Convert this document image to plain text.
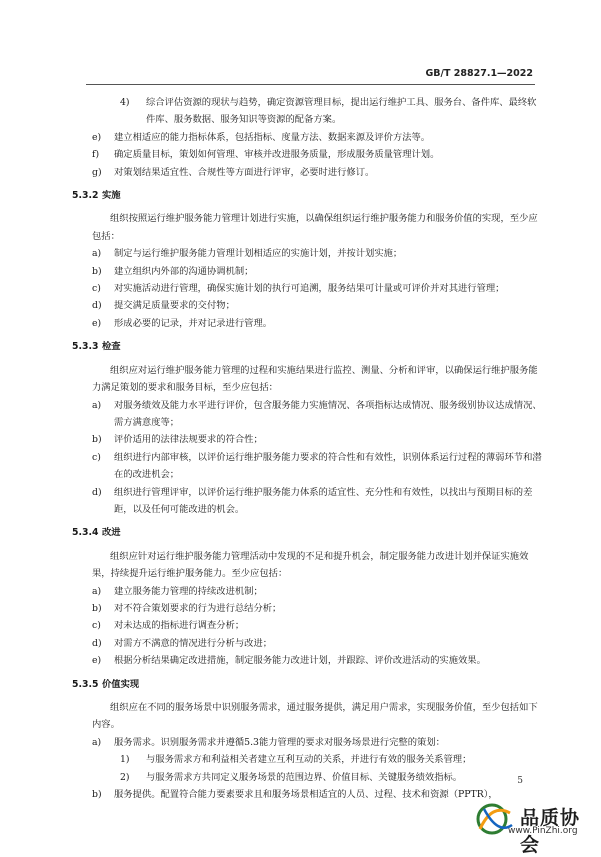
GB/T 28827.1—2022
4) 综合评估资源的现状与趋势，确定资源管理目标，提出运行维护工具、服务台、备件库、最终软件库、服务数据、服务知识等资源的配备方案。
e) 建立相适应的能力指标体系，包括指标、度量方法、数据来源及评价方法等。
f) 确定质量目标，策划如何管理、审核并改进服务质量，形成服务质量管理计划。
g) 对策划结果适宜性、合规性等方面进行评审，必要时进行修订。
5.3.2 实施
组织按照运行维护服务能力管理计划进行实施，以确保组织运行维护服务能力和服务价值的实现，至少应包括：
a) 制定与运行维护服务能力管理计划相适应的实施计划，并按计划实施；
b) 建立组织内外部的沟通协调机制；
c) 对实施活动进行管理，确保实施计划的执行可追溯，服务结果可计量或可评价并对其进行管理；
d) 提交满足质量要求的交付物；
e) 形成必要的记录，并对记录进行管理。
5.3.3 检查
组织应对运行维护服务能力管理的过程和实施结果进行监控、测量、分析和评审，以确保运行维护服务能力满足策划的要求和服务目标，至少应包括：
a) 对服务绩效及能力水平进行评价，包含服务能力实施情况、各项指标达成情况、服务级别协议达成情况、需方满意度等；
b) 评价适用的法律法规要求的符合性；
c) 组织进行内部审核，以评价运行维护服务能力要求的符合性和有效性，识别体系运行过程的薄弱环节和潜在的改进机会；
d) 组织进行管理评审，以评价运行维护服务能力体系的适宜性、充分性和有效性，以找出与预期目标的差距，以及任何可能改进的机会。
5.3.4 改进
组织应针对运行维护服务能力管理活动中发现的不足和提升机会，制定服务能力改进计划并保证实施效果，持续提升运行维护服务能力。至少应包括：
a) 建立服务能力管理的持续改进机制；
b) 对不符合策划要求的行为进行总结分析；
c) 对未达成的指标进行调查分析；
d) 对需方不满意的情况进行分析与改进；
e) 根据分析结果确定改进措施，制定服务能力改进计划，并跟踪、评价改进活动的实施效果。
5.3.5 价值实现
组织应在不同的服务场景中识别服务需求，通过服务提供，满足用户需求，实现服务价值，至少包括如下内容。
a) 服务需求。识别服务需求并遵循5.3能力管理的要求对服务场景进行完整的策划：
1) 与服务需求方和利益相关者建立互利互动的关系，并进行有效的服务关系管理；
2) 与服务需求方共同定义服务场景的范围边界、价值目标、关键服务绩效指标。
b) 服务提供。配置符合能力要素要求且和服务场景相适宜的人员、过程、技术和资源（PPTR），
5
品质协会
www.PinZhi.org
